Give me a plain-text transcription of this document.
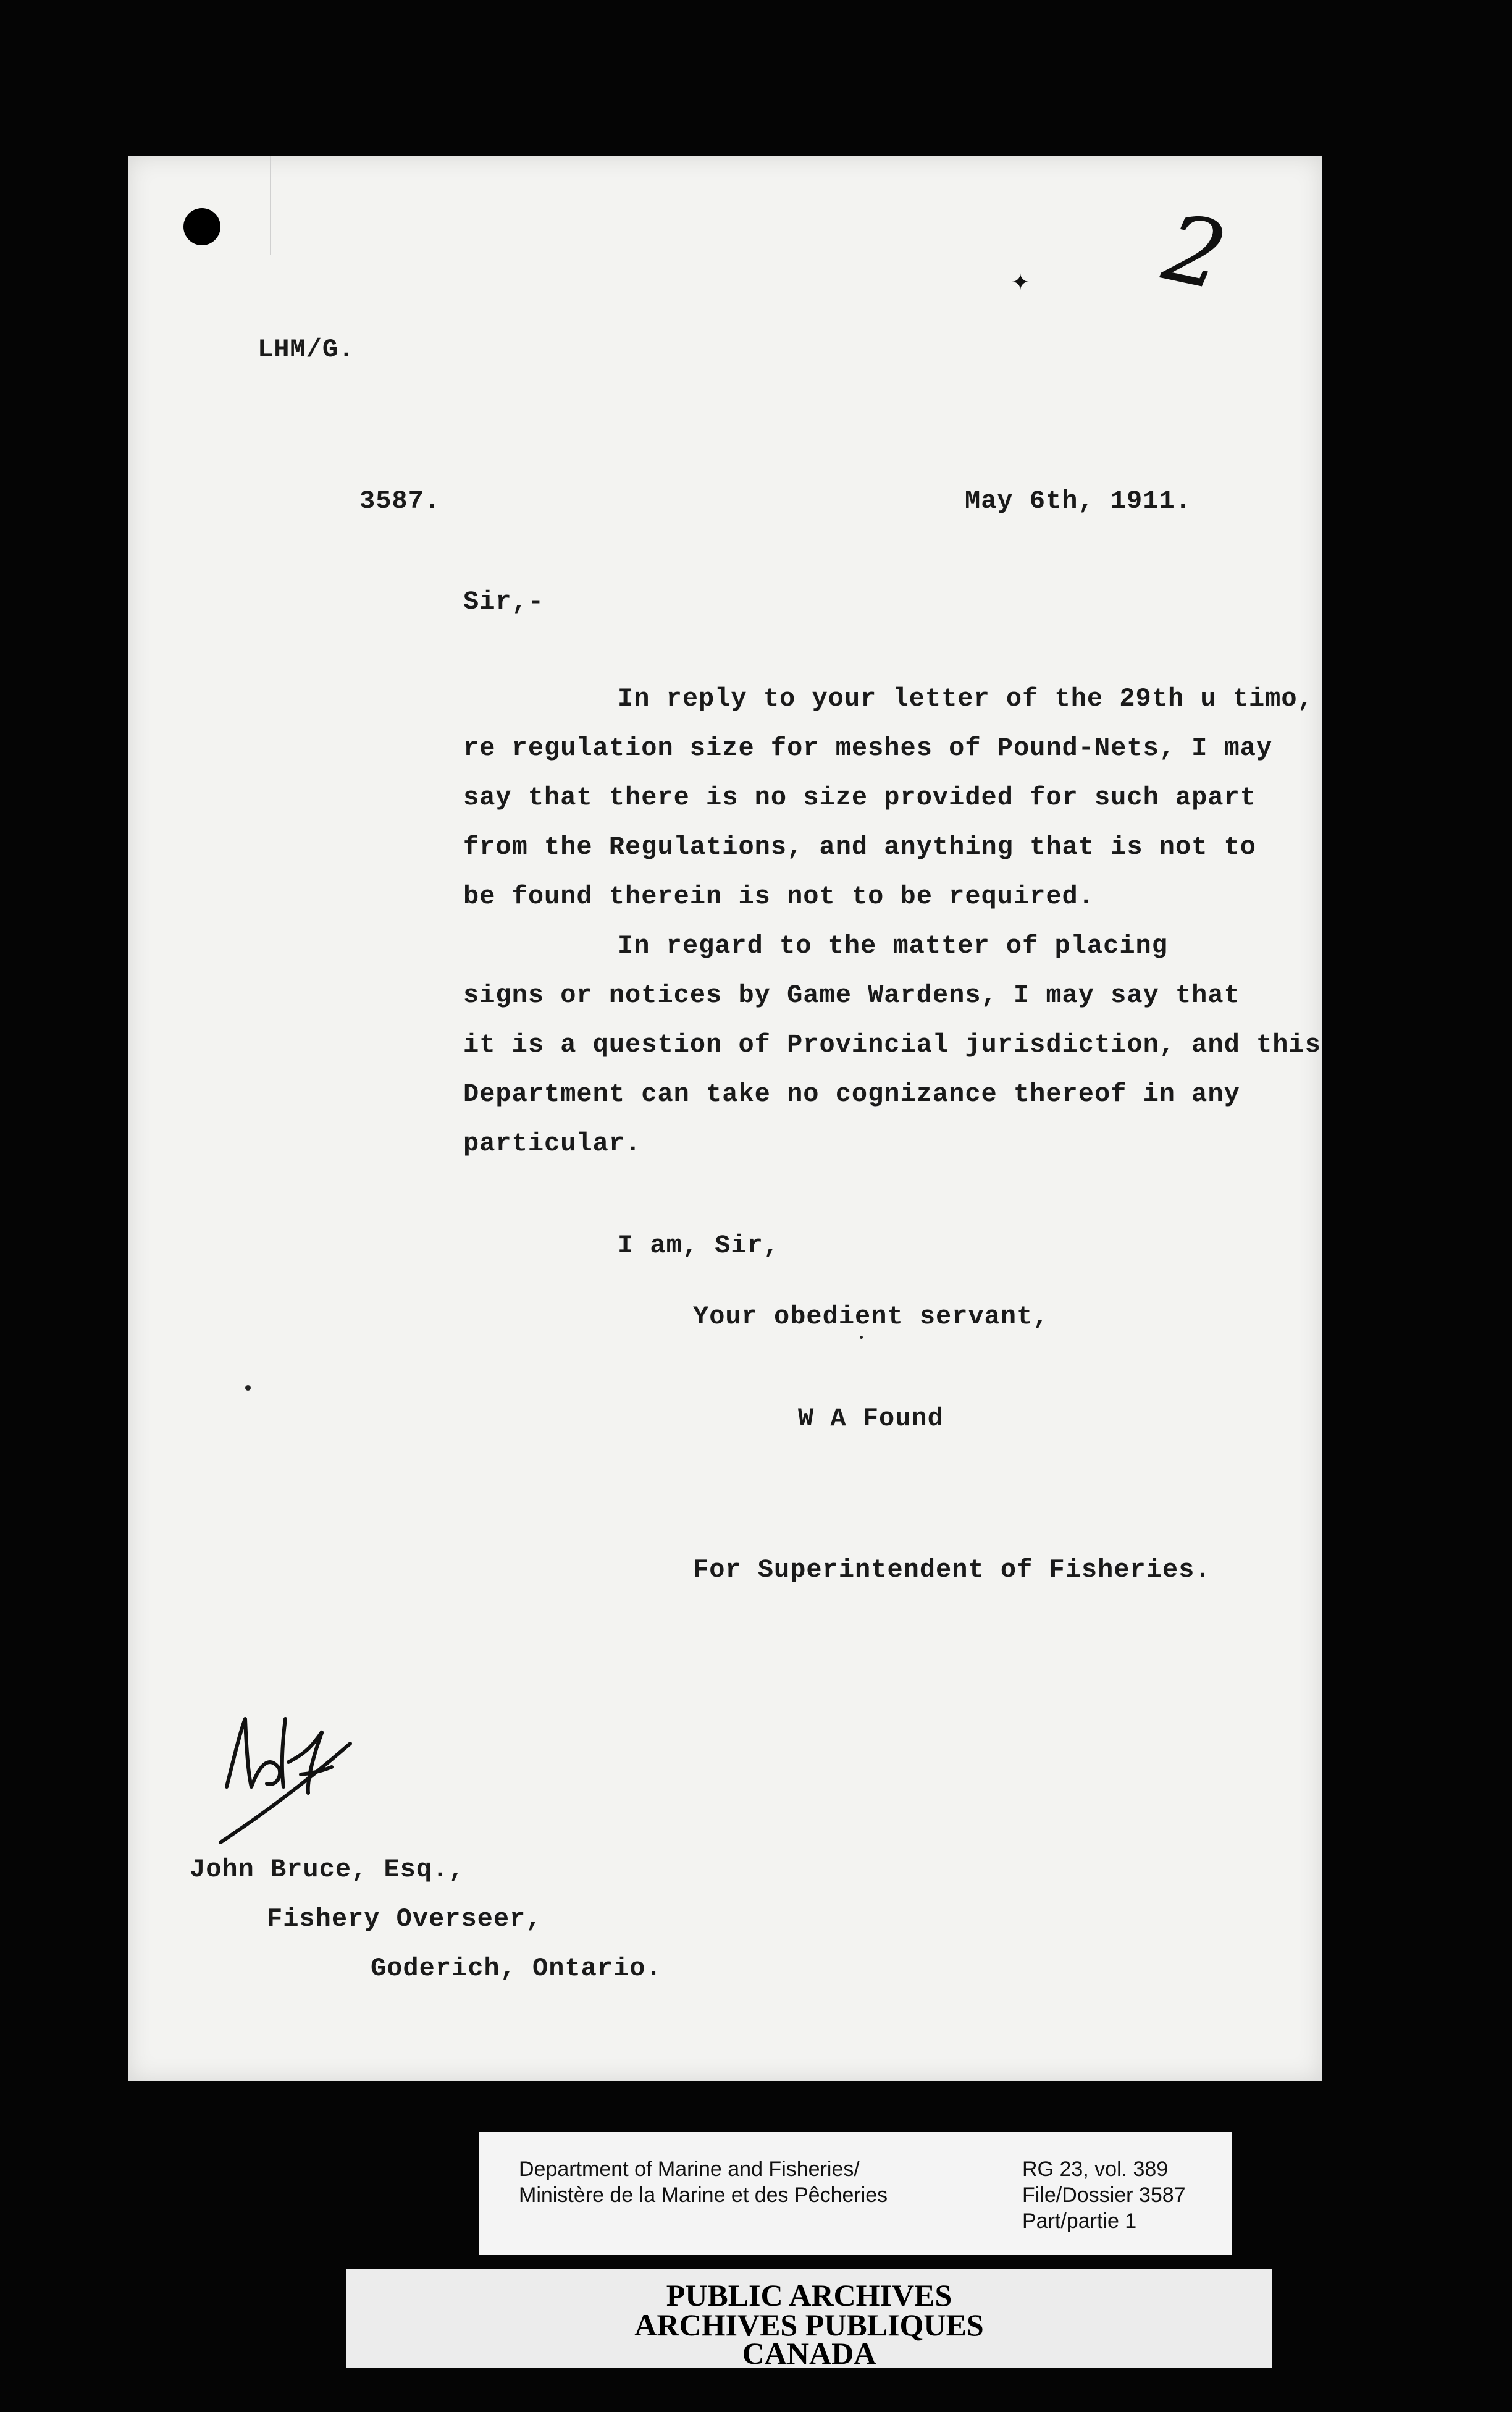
2
✦
LHM/G.
3587.	May 6th, 1911.
Sir,-
In reply to your letter of the 29th u timo,
re regulation size for meshes of Pound-Nets, I may
say that there is no size provided for such apart
from the Regulations, and anything that is not to
be found therein is not to be required.
In regard to the matter of placing
signs or notices by Game Wardens, I may say that
it is a question of Provincial jurisdiction, and this
Department can take no cognizance thereof in any
particular.
I am, Sir,
Your obedient servant,
W A Found
For Superintendent of Fisheries.
John Bruce, Esq.,
Fishery Overseer,
Goderich, Ontario.
Department of Marine and Fisheries/
Ministère de la Marine et des Pêcheries
RG 23, vol. 389
File/Dossier 3587
Part/partie 1
PUBLIC ARCHIVES
ARCHIVES PUBLIQUES
CANADA
